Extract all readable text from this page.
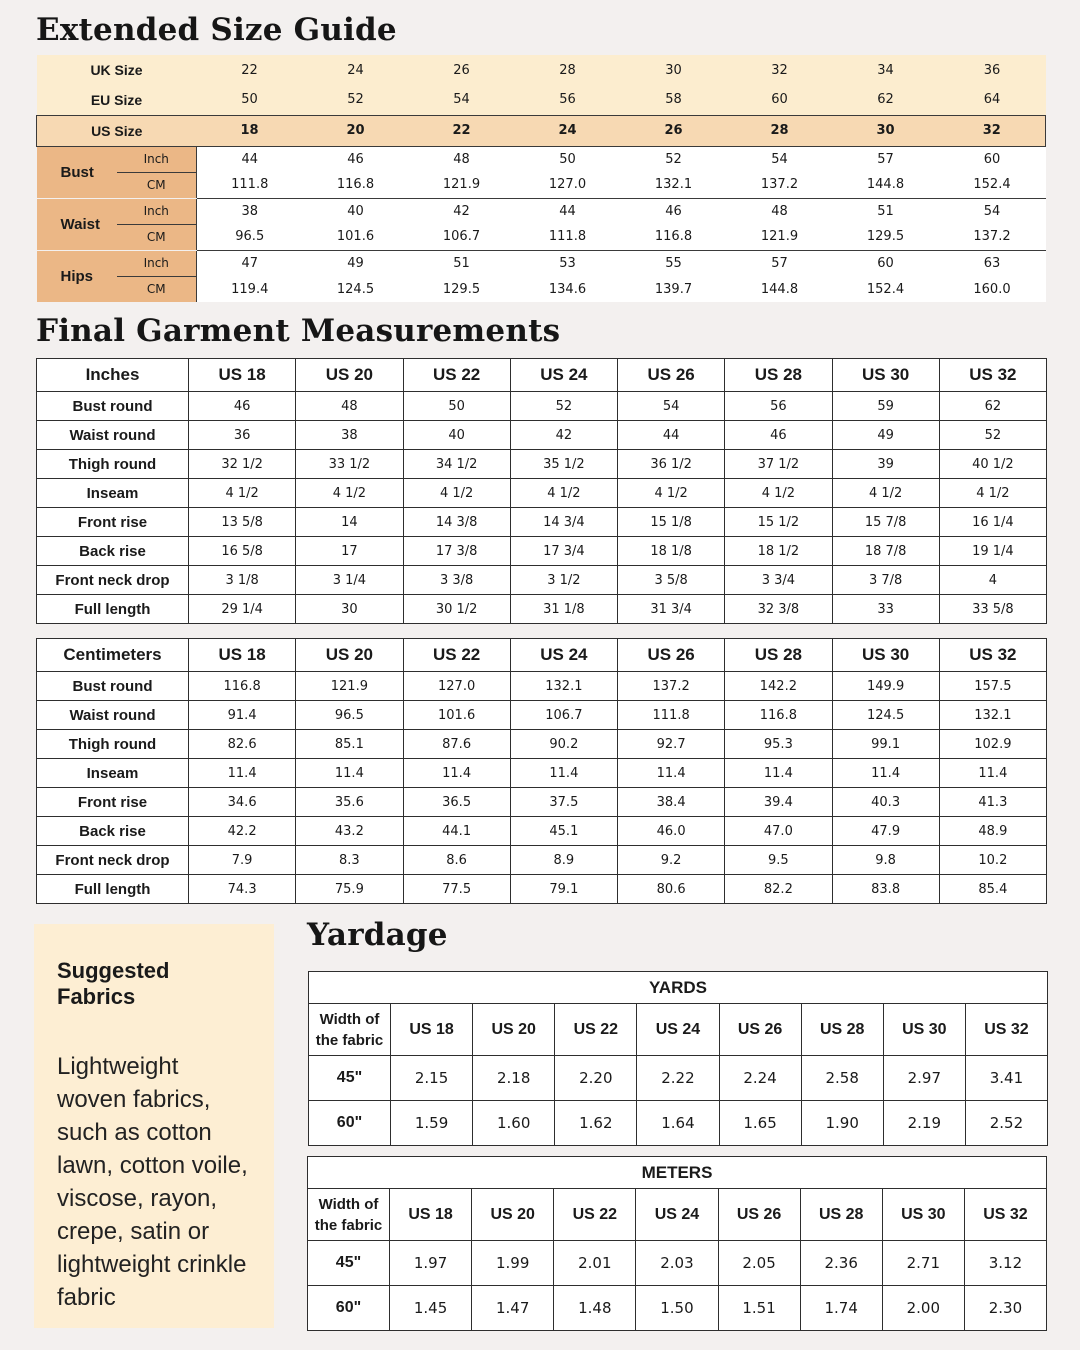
Extended Size Guide
Final Garment Measurements
Yardage
UK Size		22	24	26	28	30	32	34	36
EU Size		50	52	54	56	58	60	62	64
US Size		18	20	22	24	26	28	30	32
Bust	Inch	44	46	48	50	52	54	57	60
	CM	111.8	116.8	121.9	127.0	132.1	137.2	144.8	152.4
Waist	Inch	38	40	42	44	46	48	51	54
	CM	96.5	101.6	106.7	111.8	116.8	121.9	129.5	137.2
Hips	Inch	47	49	51	53	55	57	60	63
	CM	119.4	124.5	129.5	134.6	139.7	144.8	152.4	160.0
Inches	US 18	US 20	US 22	US 24	US 26	US 28	US 30	US 32
Bust round	46	48	50	52	54	56	59	62
Waist round	36	38	40	42	44	46	49	52
Thigh round	32 1/2	33 1/2	34 1/2	35 1/2	36 1/2	37 1/2	39	40 1/2
Inseam	4 1/2	4 1/2	4 1/2	4 1/2	4 1/2	4 1/2	4 1/2	4 1/2
Front rise	13 5/8	14	14 3/8	14 3/4	15 1/8	15 1/2	15 7/8	16 1/4
Back rise	16 5/8	17	17 3/8	17 3/4	18 1/8	18 1/2	18 7/8	19 1/4
Front neck drop	3 1/8	3 1/4	3 3/8	3 1/2	3 5/8	3 3/4	3 7/8	4
Full length	29 1/4	30	30 1/2	31 1/8	31 3/4	32 3/8	33	33 5/8
Centimeters	US 18	US 20	US 22	US 24	US 26	US 28	US 30	US 32
Bust round	116.8	121.9	127.0	132.1	137.2	142.2	149.9	157.5
Waist round	91.4	96.5	101.6	106.7	111.8	116.8	124.5	132.1
Thigh round	82.6	85.1	87.6	90.2	92.7	95.3	99.1	102.9
Inseam	11.4	11.4	11.4	11.4	11.4	11.4	11.4	11.4
Front rise	34.6	35.6	36.5	37.5	38.4	39.4	40.3	41.3
Back rise	42.2	43.2	44.1	45.1	46.0	47.0	47.9	48.9
Front neck drop	7.9	8.3	8.6	8.9	9.2	9.5	9.8	10.2
Full length	74.3	75.9	77.5	79.1	80.6	82.2	83.8	85.4
Suggested Fabrics
Lightweight woven fabrics, such as cotton lawn, cotton voile, viscose, rayon, crepe, satin or lightweight crinkle fabric
YARDS								
Width of the fabric	US 18	US 20	US 22	US 24	US 26	US 28	US 30	US 32
45"	2.15	2.18	2.20	2.22	2.24	2.58	2.97	3.41
60"	1.59	1.60	1.62	1.64	1.65	1.90	2.19	2.52
METERS								
Width of the fabric	US 18	US 20	US 22	US 24	US 26	US 28	US 30	US 32
45"	1.97	1.99	2.01	2.03	2.05	2.36	2.71	3.12
60"	1.45	1.47	1.48	1.50	1.51	1.74	2.00	2.30
